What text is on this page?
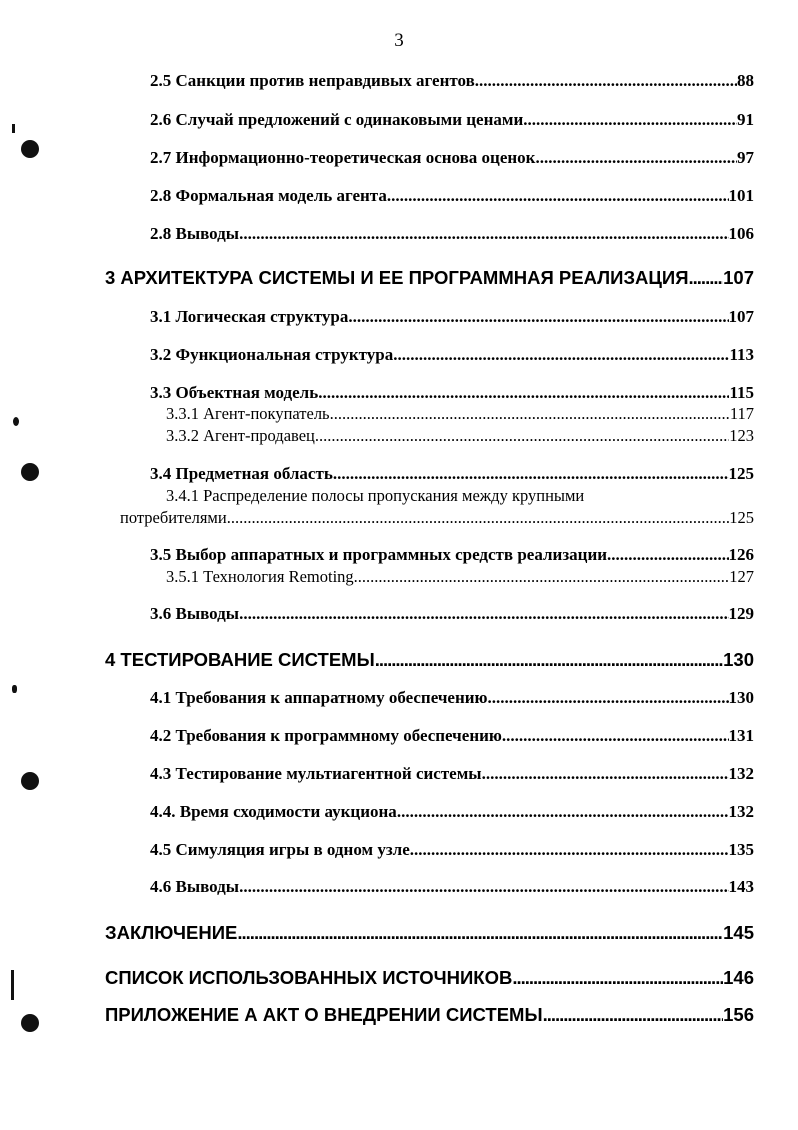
3
2.5 Санкции против неправдивых агентов .....	88
2.6 Случай предложений с одинаковыми ценами .....	91
2.7 Информационно-теоретическая основа оценок .....	97
2.8 Формальная модель агента .....	101
2.8 Выводы .....	106
3 АРХИТЕКТУРА СИСТЕМЫ И ЕЕ ПРОГРАММНАЯ РЕАЛИЗАЦИЯ ..... 107
3.1 Логическая структура .....	107
3.2 Функциональная структура .....	113
3.3 Объектная модель .....	115
3.3.1 Агент-покупатель .....	117
3.3.2 Агент-продавец .....	123
3.4 Предметная область .....	125
3.4.1 Распределение полосы пропускания между крупными
потребителями .....	125
3.5 Выбор аппаратных и программных средств реализации .....	126
3.5.1 Технология Remoting .....	127
3.6 Выводы .....	129
4 ТЕСТИРОВАНИЕ СИСТЕМЫ .....	130
4.1 Требования к аппаратному обеспечению .....	130
4.2 Требования к программному обеспечению .....	131
4.3 Тестирование мультиагентной системы .....	132
4.4. Время сходимости аукциона .....	132
4.5 Симуляция игры в одном узле .....	135
4.6 Выводы .....	143
ЗАКЛЮЧЕНИЕ .....	145
СПИСОК ИСПОЛЬЗОВАННЫХ ИСТОЧНИКОВ .....	146
ПРИЛОЖЕНИЕ А АКТ О ВНЕДРЕНИИ СИСТЕМЫ .....	156
